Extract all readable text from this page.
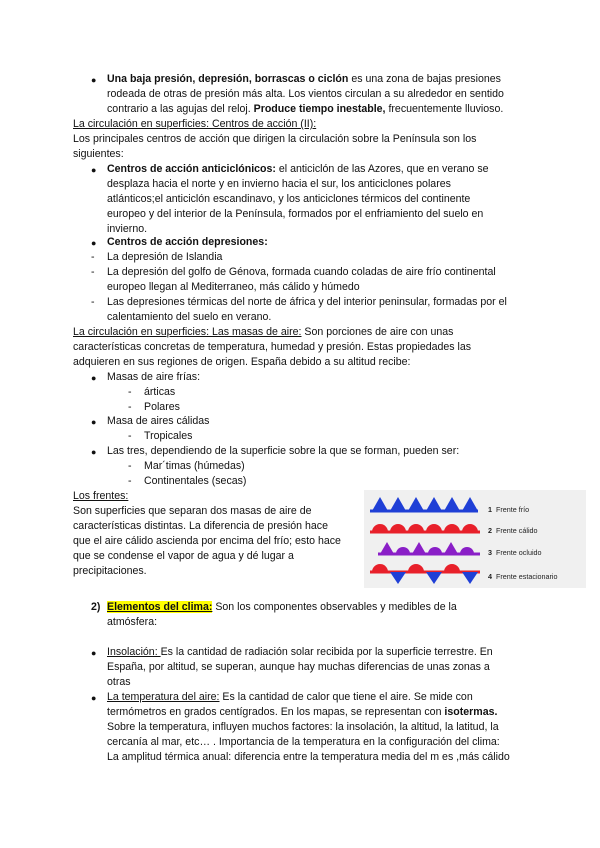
● Una baja presión, depresión, borrascas o ciclón es una zona de bajas presiones
rodeada de otras de presión más alta. Los vientos circulan a su alrededor en sentido
contrario a las agujas del reloj. Produce tiempo inestable, frecuentemente lluvioso.
La circulación en superficies: Centros de acción (II):
Los principales centros de acción que dirigen la circulación sobre la Península son los
siguientes:
● Centros de acción anticiclónicos: el anticiclón de las Azores, que en verano se
desplaza hacia el norte y en invierno hacia el sur, los anticiclones polares
atlánticos;el anticiclón escandinavo, y los anticiclones térmicos del continente
europeo y del interior de la Península, formados por el enfriamiento del suelo en
invierno.
● Centros de acción depresiones:
- La depresión de Islandia
- La depresión del golfo de Génova, formada cuando coladas de aire frío continental
europeo llegan al Mediterraneo, más cálido y húmedo
- Las depresiones térmicas del norte de áfrica y del interior peninsular, formadas por el
calentamiento del suelo en verano.
La circulación en superficies: Las masas de aire: Son porciones de aire con unas
características concretas de temperatura, humedad y presión. Estas propiedades las
adquieren en sus regiones de origen. España debido a su altitud recibe:
● Masas de aire frías:
- árticas
- Polares
● Masa de aires cálidas
- Tropicales
● Las tres, dependiendo de la superficie sobre la que se forman, pueden ser:
- Mar´timas (húmedas)
- Continentales (secas)
Los frentes:
Son superficies que separan dos masas de aire de
características distintas. La diferencia de presión hace
que el aire cálido ascienda por encima del frío; esto hace
que se condense el vapor de agua y dé lugar a
precipitaciones.
1 Frente frío
2 Frente cálido
3 Frente ocluido
4 Frente estacionario
2) Elementos del clima: Son los componentes observables y medibles de la
atmósfera:
● Insolación: Es la cantidad de radiación solar recibida por la superficie terrestre. En
España, por altitud, se superan, aunque hay muchas diferencias de unas zonas a
otras
● La temperatura del aire: Es la cantidad de calor que tiene el aire. Se mide con
termómetros en grados centígrados. En los mapas, se representan con isotermas.
Sobre la temperatura, influyen muchos factores: la insolación, la altitud, la latitud, la
cercanía al mar, etc… . Importancia de la temperatura en la configuración del clima:
La amplitud térmica anual: diferencia entre la temperatura media del m es ,más cálido
